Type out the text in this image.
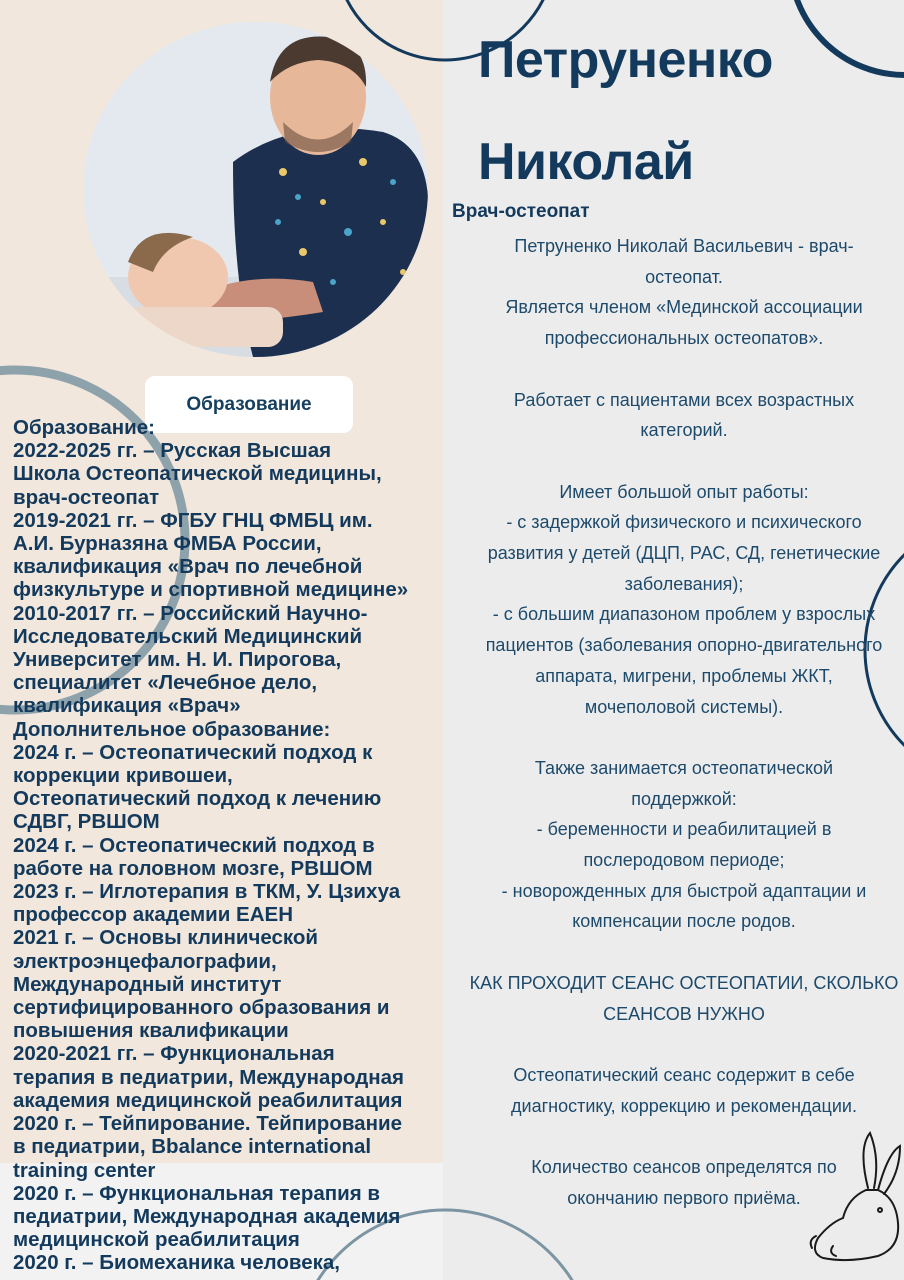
Образование
Образование:
2022-2025 гг. – Русская Высшая
Школа Остеопатической медицины,
врач-остеопат
2019-2021 гг. – ФГБУ ГНЦ ФМБЦ им.
А.И. Бурназяна ФМБА России,
квалификация «Врач по лечебной
физкультуре и спортивной медицине»
2010-2017 гг. – Российский Научно-
Исследовательский Медицинский
Университет им. Н. И. Пирогова,
специалитет «Лечебное дело,
квалификация «Врач»
Дополнительное образование:
2024 г. – Остеопатический подход к
коррекции кривошеи,
Остеопатический подход к лечению
СДВГ, РВШОМ
2024 г. – Остеопатический подход в
работе на головном мозге, РВШОМ
2023 г. – Иглотерапия в ТКМ, У. Цзихуа
профессор академии ЕАЕН
2021 г. – Основы клинической
электроэнцефалографии,
Международный институт
сертифицированного образования и
повышения квалификации
2020-2021 гг. – Функциональная
терапия в педиатрии, Международная
академия медицинской реабилитация
2020 г. – Тейпирование. Тейпирование
в педиатрии, Bbalance international
training center
2020 г. – Функциональная терапия в
педиатрии, Международная академия
медицинской реабилитация
2020 г. – Биомеханика человека,
Петруненко
Николай
Врач-остеопат
Петруненко Николай Васильевич - врач-
остеопат.
Является членом «Мединской ассоциации
профессиональных остеопатов».
Работает с пациентами всех возрастных
категорий.
Имеет большой опыт работы:
- с задержкой физического и психического
развития у детей (ДЦП, РАС, СД, генетические
заболевания);
- с большим диапазоном проблем у взрослых
пациентов (заболевания опорно-двигательного
аппарата, мигрени, проблемы ЖКТ,
мочеполовой системы).
Также занимается остеопатической
поддержкой:
- беременности и реабилитацией в
послеродовом периоде;
- новорожденных для быстрой адаптации и
компенсации после родов.
КАК ПРОХОДИТ СЕАНС ОСТЕОПАТИИ, СКОЛЬКО
СЕАНСОВ НУЖНО
Остеопатический сеанс содержит в себе
диагностику, коррекцию и рекомендации.
Количество сеансов определятся по
окончанию первого приёма.
